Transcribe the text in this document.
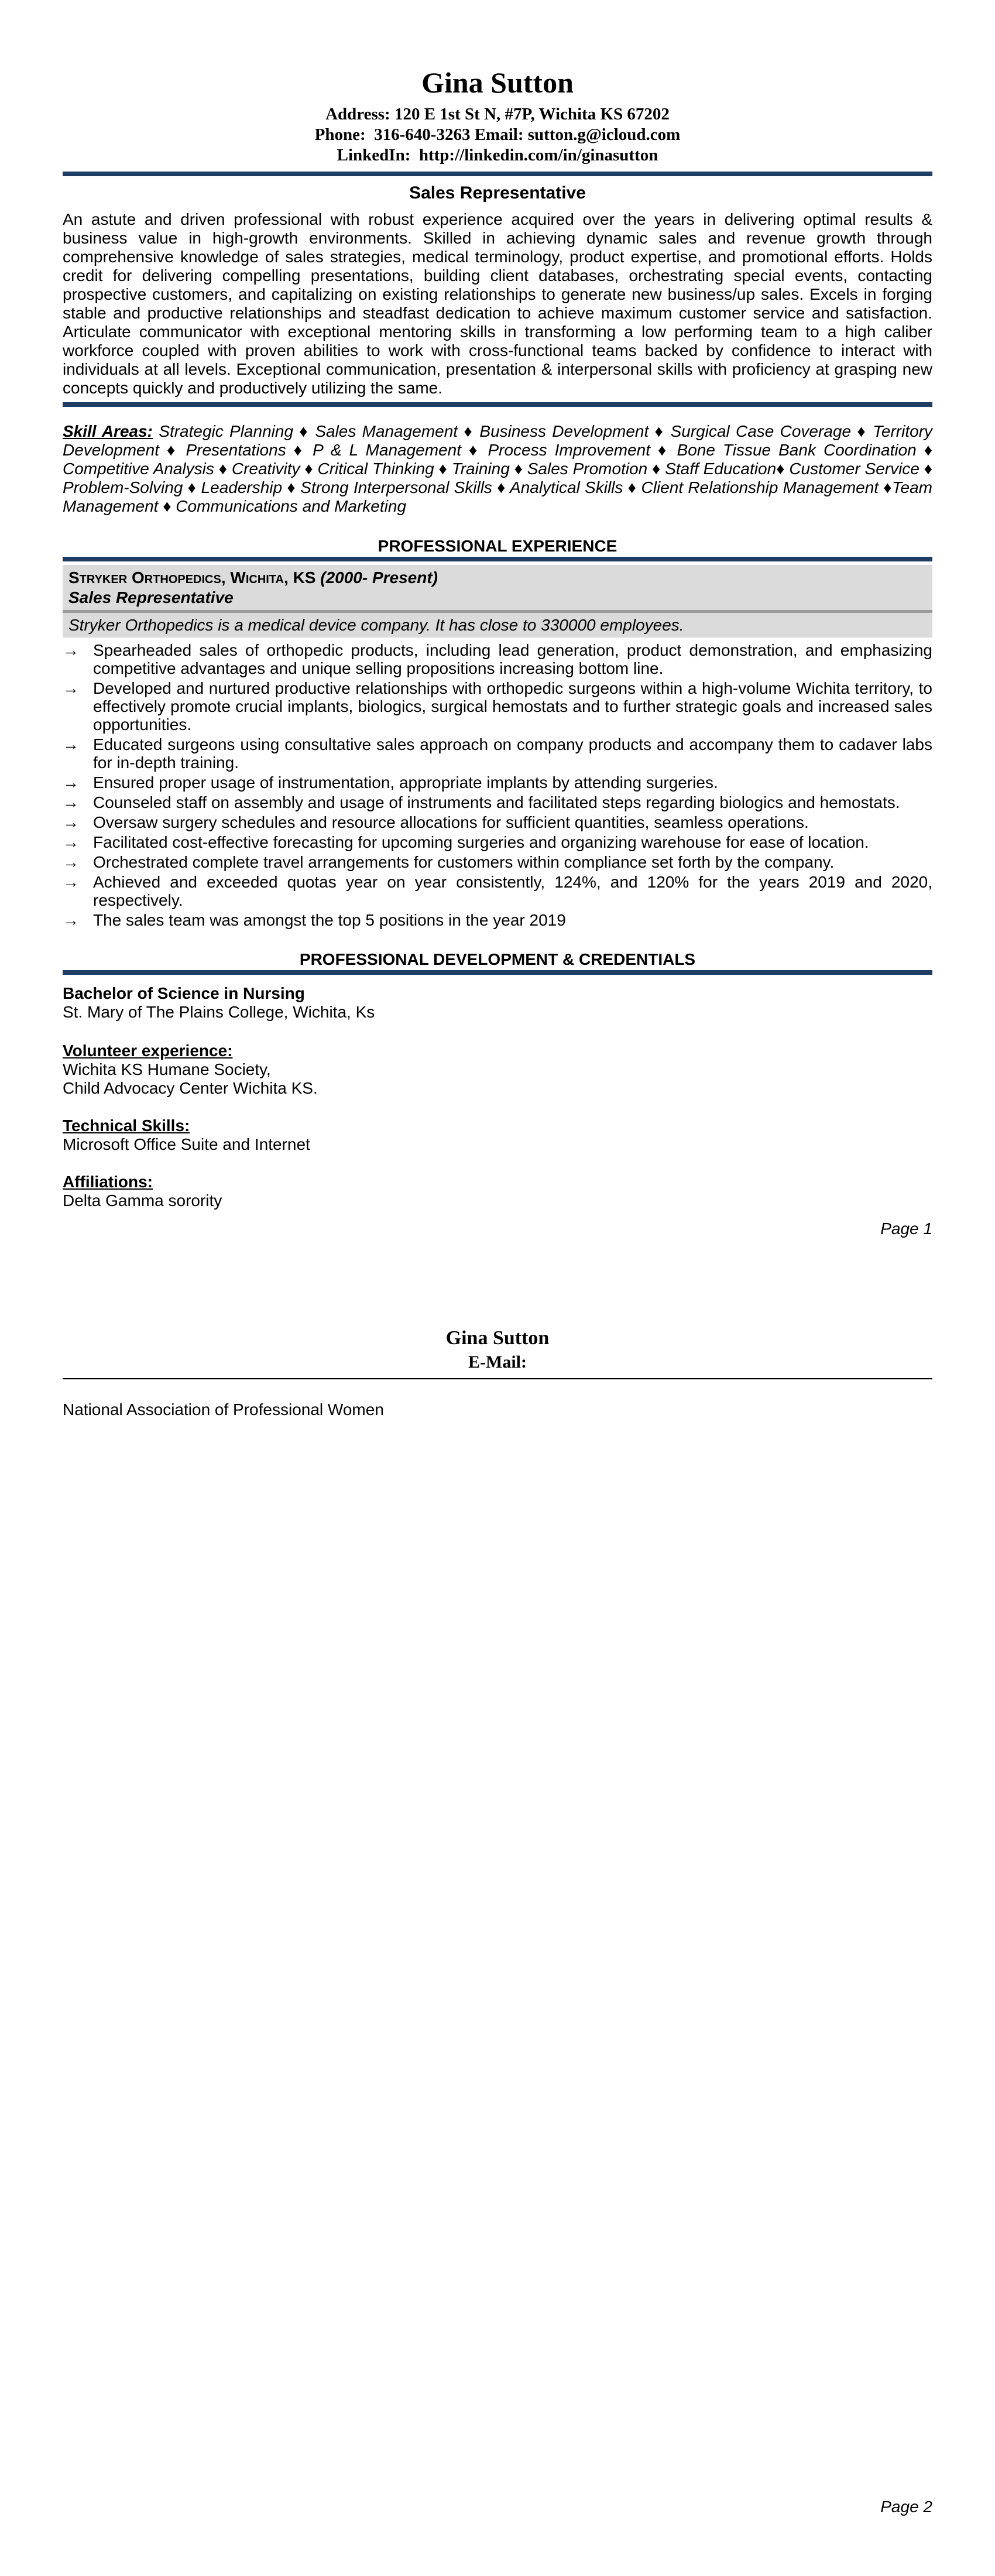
Gina Sutton
Address: 120 E 1st St N, #7P, Wichita KS 67202
Phone:  316-640-3263 Email: sutton.g@icloud.com
LinkedIn:  http://linkedin.com/in/ginasutton
Sales Representative
An astute and driven professional with robust experience acquired over the years in delivering optimal results & business value in high-growth environments. Skilled in achieving dynamic sales and revenue growth through comprehensive knowledge of sales strategies, medical terminology, product expertise, and promotional efforts. Holds credit for delivering compelling presentations, building client databases, orchestrating special events, contacting prospective customers, and capitalizing on existing relationships to generate new business/up sales. Excels in forging stable and productive relationships and steadfast dedication to achieve maximum customer service and satisfaction. Articulate communicator with exceptional mentoring skills in transforming a low performing team to a high caliber workforce coupled with proven abilities to work with cross-functional teams backed by confidence to interact with individuals at all levels. Exceptional communication, presentation & interpersonal skills with proficiency at grasping new concepts quickly and productively utilizing the same.
Skill Areas: Strategic Planning ♦ Sales Management ♦ Business Development ♦ Surgical Case Coverage ♦ Territory Development ♦ Presentations ♦ P & L Management ♦ Process Improvement ♦ Bone Tissue Bank Coordination ♦ Competitive Analysis ♦ Creativity ♦ Critical Thinking ♦ Training ♦ Sales Promotion ♦ Staff Education♦ Customer Service ♦ Problem-Solving ♦ Leadership ♦ Strong Interpersonal Skills ♦ Analytical Skills ♦ Client Relationship Management ♦Team Management ♦ Communications and Marketing
PROFESSIONAL EXPERIENCE
Stryker Orthopedics, Wichita, KS (2000- Present)
Sales Representative
Stryker Orthopedics is a medical device company. It has close to 330000 employees.
→ Spearheaded sales of orthopedic products, including lead generation, product demonstration, and emphasizing competitive advantages and unique selling propositions increasing bottom line.
→ Developed and nurtured productive relationships with orthopedic surgeons within a high-volume Wichita territory, to effectively promote crucial implants, biologics, surgical hemostats and to further strategic goals and increased sales opportunities.
→ Educated surgeons using consultative sales approach on company products and accompany them to cadaver labs for in-depth training.
→ Ensured proper usage of instrumentation, appropriate implants by attending surgeries.
→ Counseled staff on assembly and usage of instruments and facilitated steps regarding biologics and hemostats.
→ Oversaw surgery schedules and resource allocations for sufficient quantities, seamless operations.
→ Facilitated cost-effective forecasting for upcoming surgeries and organizing warehouse for ease of location.
→ Orchestrated complete travel arrangements for customers within compliance set forth by the company.
→ Achieved and exceeded quotas year on year consistently, 124%, and 120% for the years 2019 and 2020, respectively.
→ The sales team was amongst the top 5 positions in the year 2019
PROFESSIONAL DEVELOPMENT & CREDENTIALS
Bachelor of Science in Nursing
St. Mary of The Plains College, Wichita, Ks
Volunteer experience:
Wichita KS Humane Society,
Child Advocacy Center Wichita KS.
Technical Skills:
Microsoft Office Suite and Internet
Affiliations:
Delta Gamma sorority
Page 1
Gina Sutton
E-Mail:
National Association of Professional Women
Page 2
